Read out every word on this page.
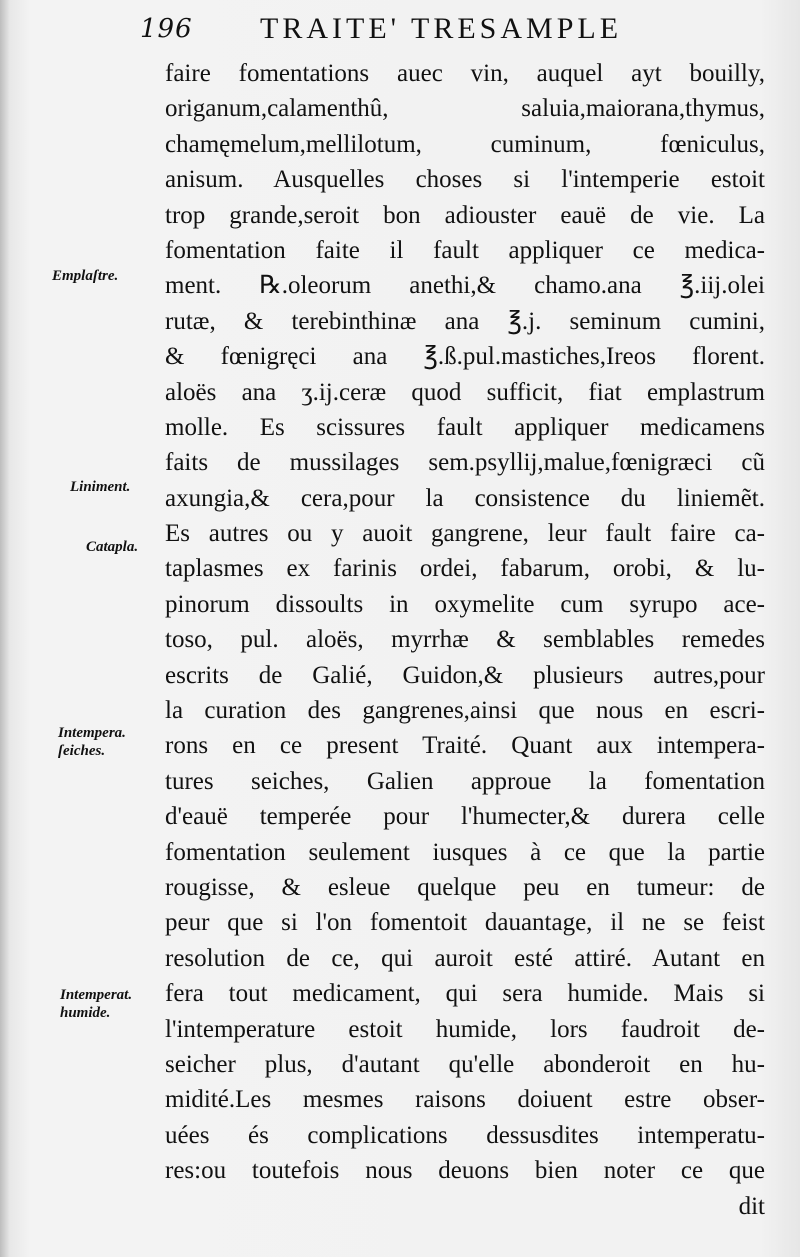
196 TRAITE' TRESAMPLE
faire fomentations auec vin, auquel ayt bouilly,
origanum,calamenthû, saluia,maiorana,thymus,
chamęmelum,mellilotum, cuminum, fœniculus,
anisum. Ausquelles choses si l'intemperie estoit
trop grande,seroit bon adiouster eauë de vie. La
fomentation faite il fault appliquer ce medica-
ment. ℞.oleorum anethi,& chamo.ana ℥.iij.olei
rutæ, & terebinthinæ ana ℥.j. seminum cumini,
& fœnigręci ana ℥.ß.pul.mastiches,Ireos florent.
aloës ana ʒ.ij.ceræ quod sufficit, fiat emplastrum
molle. Es scissures fault appliquer medicamens
faits de mussilages sem.psyllij,malue,fœnigræci cũ
axungia,& cera,pour la consistence du liniemẽt.
Es autres ou y auoit gangrene, leur fault faire ca-
taplasmes ex farinis ordei, fabarum, orobi, & lu-
pinorum dissoults in oxymelite cum syrupo ace-
toso, pul. aloës, myrrhæ & semblables remedes
escrits de Galié, Guidon,& plusieurs autres,pour
la curation des gangrenes,ainsi que nous en escri-
rons en ce present Traité. Quant aux intempera-
tures seiches, Galien approue la fomentation
d'eauë temperée pour l'humecter,& durera celle
fomentation seulement iusques à ce que la partie
rougisse, & esleue quelque peu en tumeur: de
peur que si l'on fomentoit dauantage, il ne se feist
resolution de ce, qui auroit esté attiré. Autant en
fera tout medicament, qui sera humide. Mais si
l'intemperature estoit humide, lors faudroit de-
seicher plus, d'autant qu'elle abonderoit en hu-
midité.Les mesmes raisons doiuent estre obser-
uées és complications dessusdites intemperatu-
res:ou toutefois nous deuons bien noter ce que
dit
Emplaſtre.
Liniment.
Catapla.
Intempera.
ſeiches.
Intemperat.
humide.
